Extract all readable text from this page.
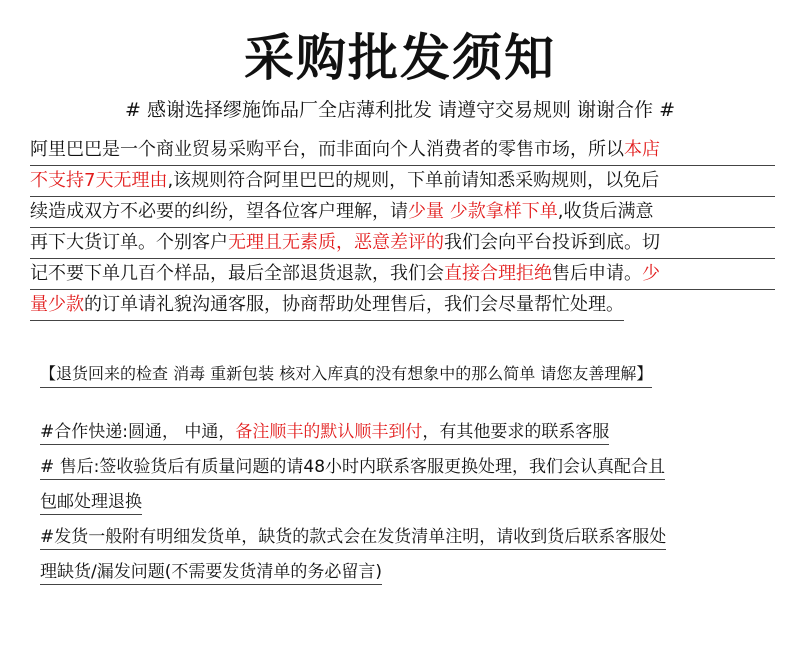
采购批发须知
# 感谢选择缪施饰品厂全店薄利批发 请遵守交易规则 谢谢合作 #
阿里巴巴是一个商业贸易采购平台，而非面向个人消费者的零售市场，所以本店
不支持7天无理由,该规则符合阿里巴巴的规则，下单前请知悉采购规则，以免后
续造成双方不必要的纠纷，望各位客户理解，请少量 少款拿样下单,收货后满意
再下大货订单。个别客户无理且无素质，恶意差评的我们会向平台投诉到底。切
记不要下单几百个样品，最后全部退货退款，我们会直接合理拒绝售后申请。少
量少款的订单请礼貌沟通客服，协商帮助处理售后，我们会尽量帮忙处理。
【退货回来的检查 消毒 重新包装 核对入库真的没有想象中的那么简单 请您友善理解】
#合作快递:圆通， 中通，备注顺丰的默认顺丰到付，有其他要求的联系客服
# 售后:签收验货后有质量问题的请48小时内联系客服更换处理，我们会认真配合且
包邮处理退换
#发货一般附有明细发货单，缺货的款式会在发货清单注明，请收到货后联系客服处
理缺货/漏发问题(不需要发货清单的务必留言)
